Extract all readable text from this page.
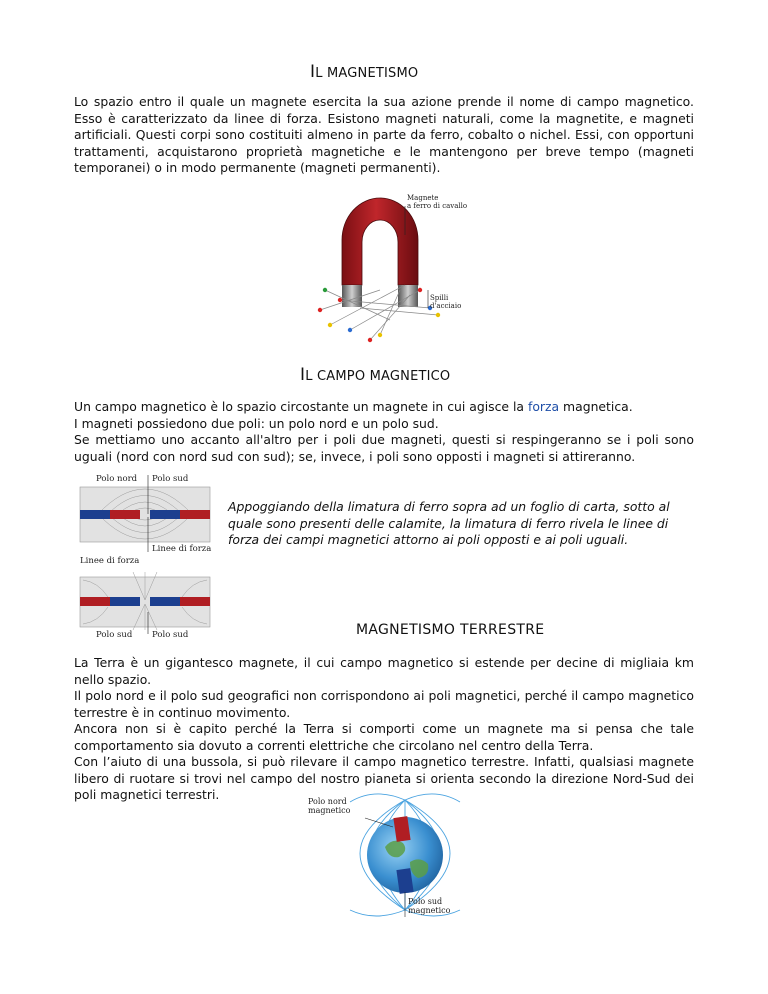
IL MAGNETISMO

Lo spazio entro il quale un magnete esercita la sua azione prende il nome di campo magnetico. Esso è caratterizzato da linee di forza. Esistono magneti naturali, come la magnetite, e magneti artificiali. Questi corpi sono costituiti almeno in parte da ferro, cobalto o nichel. Essi, con opportuni trattamenti, acquistarono proprietà magnetiche e le mantengono per breve tempo (magneti temporanei) o in modo permanente (magneti permanenti).

Magnete
a ferro di cavallo
Spilli
d'acciaio
IL CAMPO MAGNETICO

Un campo magnetico è lo spazio circostante un magnete in cui agisce la forza magnetica.
I magneti possiedono due poli: un polo nord e un polo sud.
Se mettiamo uno accanto all'altro per i poli due magneti, questi si respingeranno se i poli sono uguali (nord con nord sud con sud); se, invece, i poli sono opposti i magneti si attireranno.

Polo nord Polo sud
Linee di forza
Linee di forza
Polo sud Polo sud

Appoggiando della limatura di ferro sopra ad un foglio di carta, sotto al quale sono presenti delle calamite, la limatura di ferro rivela le linee di forza dei campi magnetici attorno ai poli opposti e ai poli uguali.

MAGNETISMO TERRESTRE
La Terra è un gigantesco magnete, il cui campo magnetico si estende per decine di migliaia km nello spazio.
Il polo nord e il polo sud geografici non corrispondono ai poli magnetici, perché il campo magnetico terrestre è in continuo movimento.
Ancora non si è capito perché la Terra si comporti come un magnete ma si pensa che tale comportamento sia dovuto a correnti elettriche che circolano nel centro della Terra.
Con l’aiuto di una bussola, si può rilevare il campo magnetico terrestre. Infatti, qualsiasi magnete libero di ruotare si trovi nel campo del nostro pianeta si orienta secondo la direzione Nord-Sud dei poli magnetici terrestri.	Polo nord
magnetico
Polo sud
magnetico
